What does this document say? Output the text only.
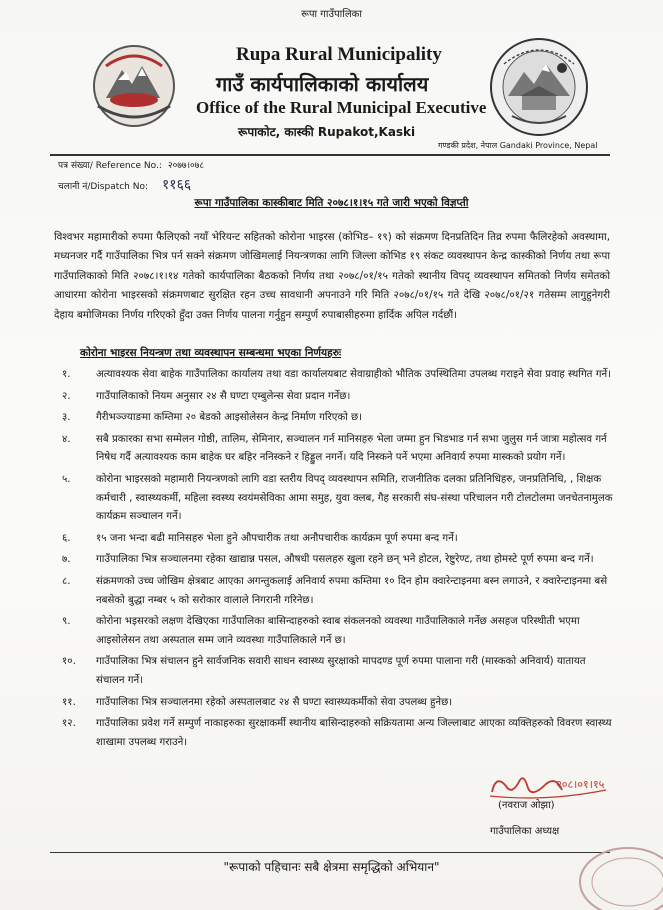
रूपा गाउँपालिका
Rupa Rural Municipality
गाउँ कार्यपालिकाको कार्यालय
Office of the Rural Municipal Executive
रूपाकोट, कास्की Rupakot,Kaski
गण्डकी प्रदेश, नेपाल Gandaki Province, Nepal
पत्र संख्या/ Reference No.: २०७७।०७८
चलानी नं/Dispatch No: ११६६
रूपा गाउँपालिका कास्कीबाट मिति २०७८।१।१५ गते जारी भएको विज्ञप्ती
विश्वभर महामारीको रुपमा फैलिएको नयाँ भेरियन्ट सहितको कोरोना भाइरस (कोभिड– १९) को संक्रमण दिनप्रतिदिन तिव्र रुपमा फैलिरहेको अवस्थामा, मध्यनजर गर्दै गाउँपालिका भित्र पर्न सक्ने संक्रमण जोखिमलाई नियन्त्रणका लागि जिल्ला कोभिड १९ संकट व्यवस्थापन केन्द्र कास्कीको निर्णय तथा रूपा गाउँपालिकाको मिति २०७८।१।१४ गतेको कार्यपालिका बैठकको निर्णय तथा २०७८/०१/१५ गतेको स्थानीय विपद् व्यवस्थापन समितको निर्णय समेतको आधारमा कोरोना भाइरसको संक्रमणबाट सुरक्षित रहन उच्च सावधानी अपनाउने गरि मिति २०७८/०१/१५ गते देखि २०७८/०१/२१ गतेसम्म लागुहुनेगरी देहाय बमोजिमका निर्णय गरिएको हुँदा उक्त निर्णय पालना गर्नुहुन सम्पुर्ण रुपाबासीहरुमा हार्दिक अपिल गर्दछौं।
कोरोना भाइरस नियन्त्रण तथा व्यवस्थापन सम्बन्धमा भएका निर्णयहरुः
१. अत्यावश्यक सेवा बाहेक गाउँपालिका कार्यालय तथा वडा कार्यालयबाट सेवाग्राहीको भौतिक उपस्थितिमा उपलब्ध गराइने सेवा प्रवाह स्थगित गर्ने।
२. गाउँपालिकाको नियम अनुसार २४ सै घण्टा एम्बुलेन्स सेवा प्रदान गर्नेछ।
३. गैरीभञ्ज्याङमा कम्तिमा २० बेडको आइसोलेसन केन्द्र निर्माण गरिएको छ।
४. सबै प्रकारका सभा सम्मेलन गोष्ठी, तालिम, सेमिनार, सञ्चालन गर्न मानिसहरु भेला जम्मा हुन भिडभाड गर्न सभा जुलुस गर्न जात्रा महोत्सव गर्न निषेध गर्दै अत्यावश्यक काम बाहेक घर बहिर ननिस्कने र हिड्डुल नगर्ने। यदि निस्कने पर्ने भएमा अनिवार्य रुपमा मास्कको प्रयोग गर्ने।
५. कोरोना भाइरसको महामारी नियन्त्रणको लागि वडा स्तरीय विपद् व्यवस्थापन समिति, राजनीतिक दलका प्रतिनिधिहरु, जनप्रतिनिधि, , शिक्षक कर्मचारी , स्वास्थ्यकर्मी, महिला स्वस्थ्य स्वयंमसेविका आमा समुह, युवा क्लब, गैह सरकारी संघ-संस्था परिचालन गरी टोलटोलमा जनचेतनामुलक कार्यक्रम सञ्चालन गर्ने।
६. १५ जना भन्दा बढी मानिसहरु भेला हुने औपचारीक तथा अनौपचारीक कार्यक्रम पूर्ण रुपमा बन्द गर्ने।
७. गाउँपालिका भित्र सञ्चालनमा रहेका खाद्यान्न पसल, औषधी पसलहरु खुला रहने छन् भने होटल, रेष्टुरेण्ट, तथा होमस्टे पूर्ण रुपमा बन्द गर्ने।
८. संक्रमणको उच्च जोखिम क्षेत्रबाट आएका अगन्तुकलाई अनिवार्य रुपमा कम्तिमा १० दिन होम क्वारेन्टाइनमा बस्न लगाउने, र क्वारेन्टाइनमा बसे नबसेको बुद्धा नम्बर ५ को सरोकार वालाले निगरानी गरिनेछ।
९. कोरोना भइसरको लक्षण देखिएका गाउँपालिका बासिन्दाहरुको स्वाब संकलनको व्यवस्था गाउँपालिकाले गर्नेछ असहज परिस्थीती भएमा आइसोलेसन तथा अस्पताल सम्म जाने व्यवस्था गाउँपालिकाले गर्ने छ।
१०. गाउँपालिका भित्र संचालन हुने सार्वजनिक सवारी साधन स्वास्थ्य सुरक्षाको मापदण्ड पूर्ण रुपमा पालाना गरी (मास्कको अनिवार्य) यातायत संचालन गर्ने।
११. गाउँपालिका भित्र सञ्चालनमा रहेको अस्पतालबाट २४ सै घण्टा स्वास्थ्यकर्मीको सेवा उपलब्ध हुनेछ।
१२. गाउँपालिका प्रवेश गर्ने सम्पुर्ण नाकाहरुका सुरक्षाकर्मी स्थानीय बासिन्दाहरुको सक्रियतामा अन्य जिल्लाबाट आएका व्यक्तिहरुको विवरण स्वास्थ्य शाखामा उपलब्ध गराउने।
२०८।०१।१५
(नवराज ओझा)
गाउँपालिका अध्यक्ष
"रूपाको पहिचानः सबै क्षेत्रमा समृद्धिको अभियान"
